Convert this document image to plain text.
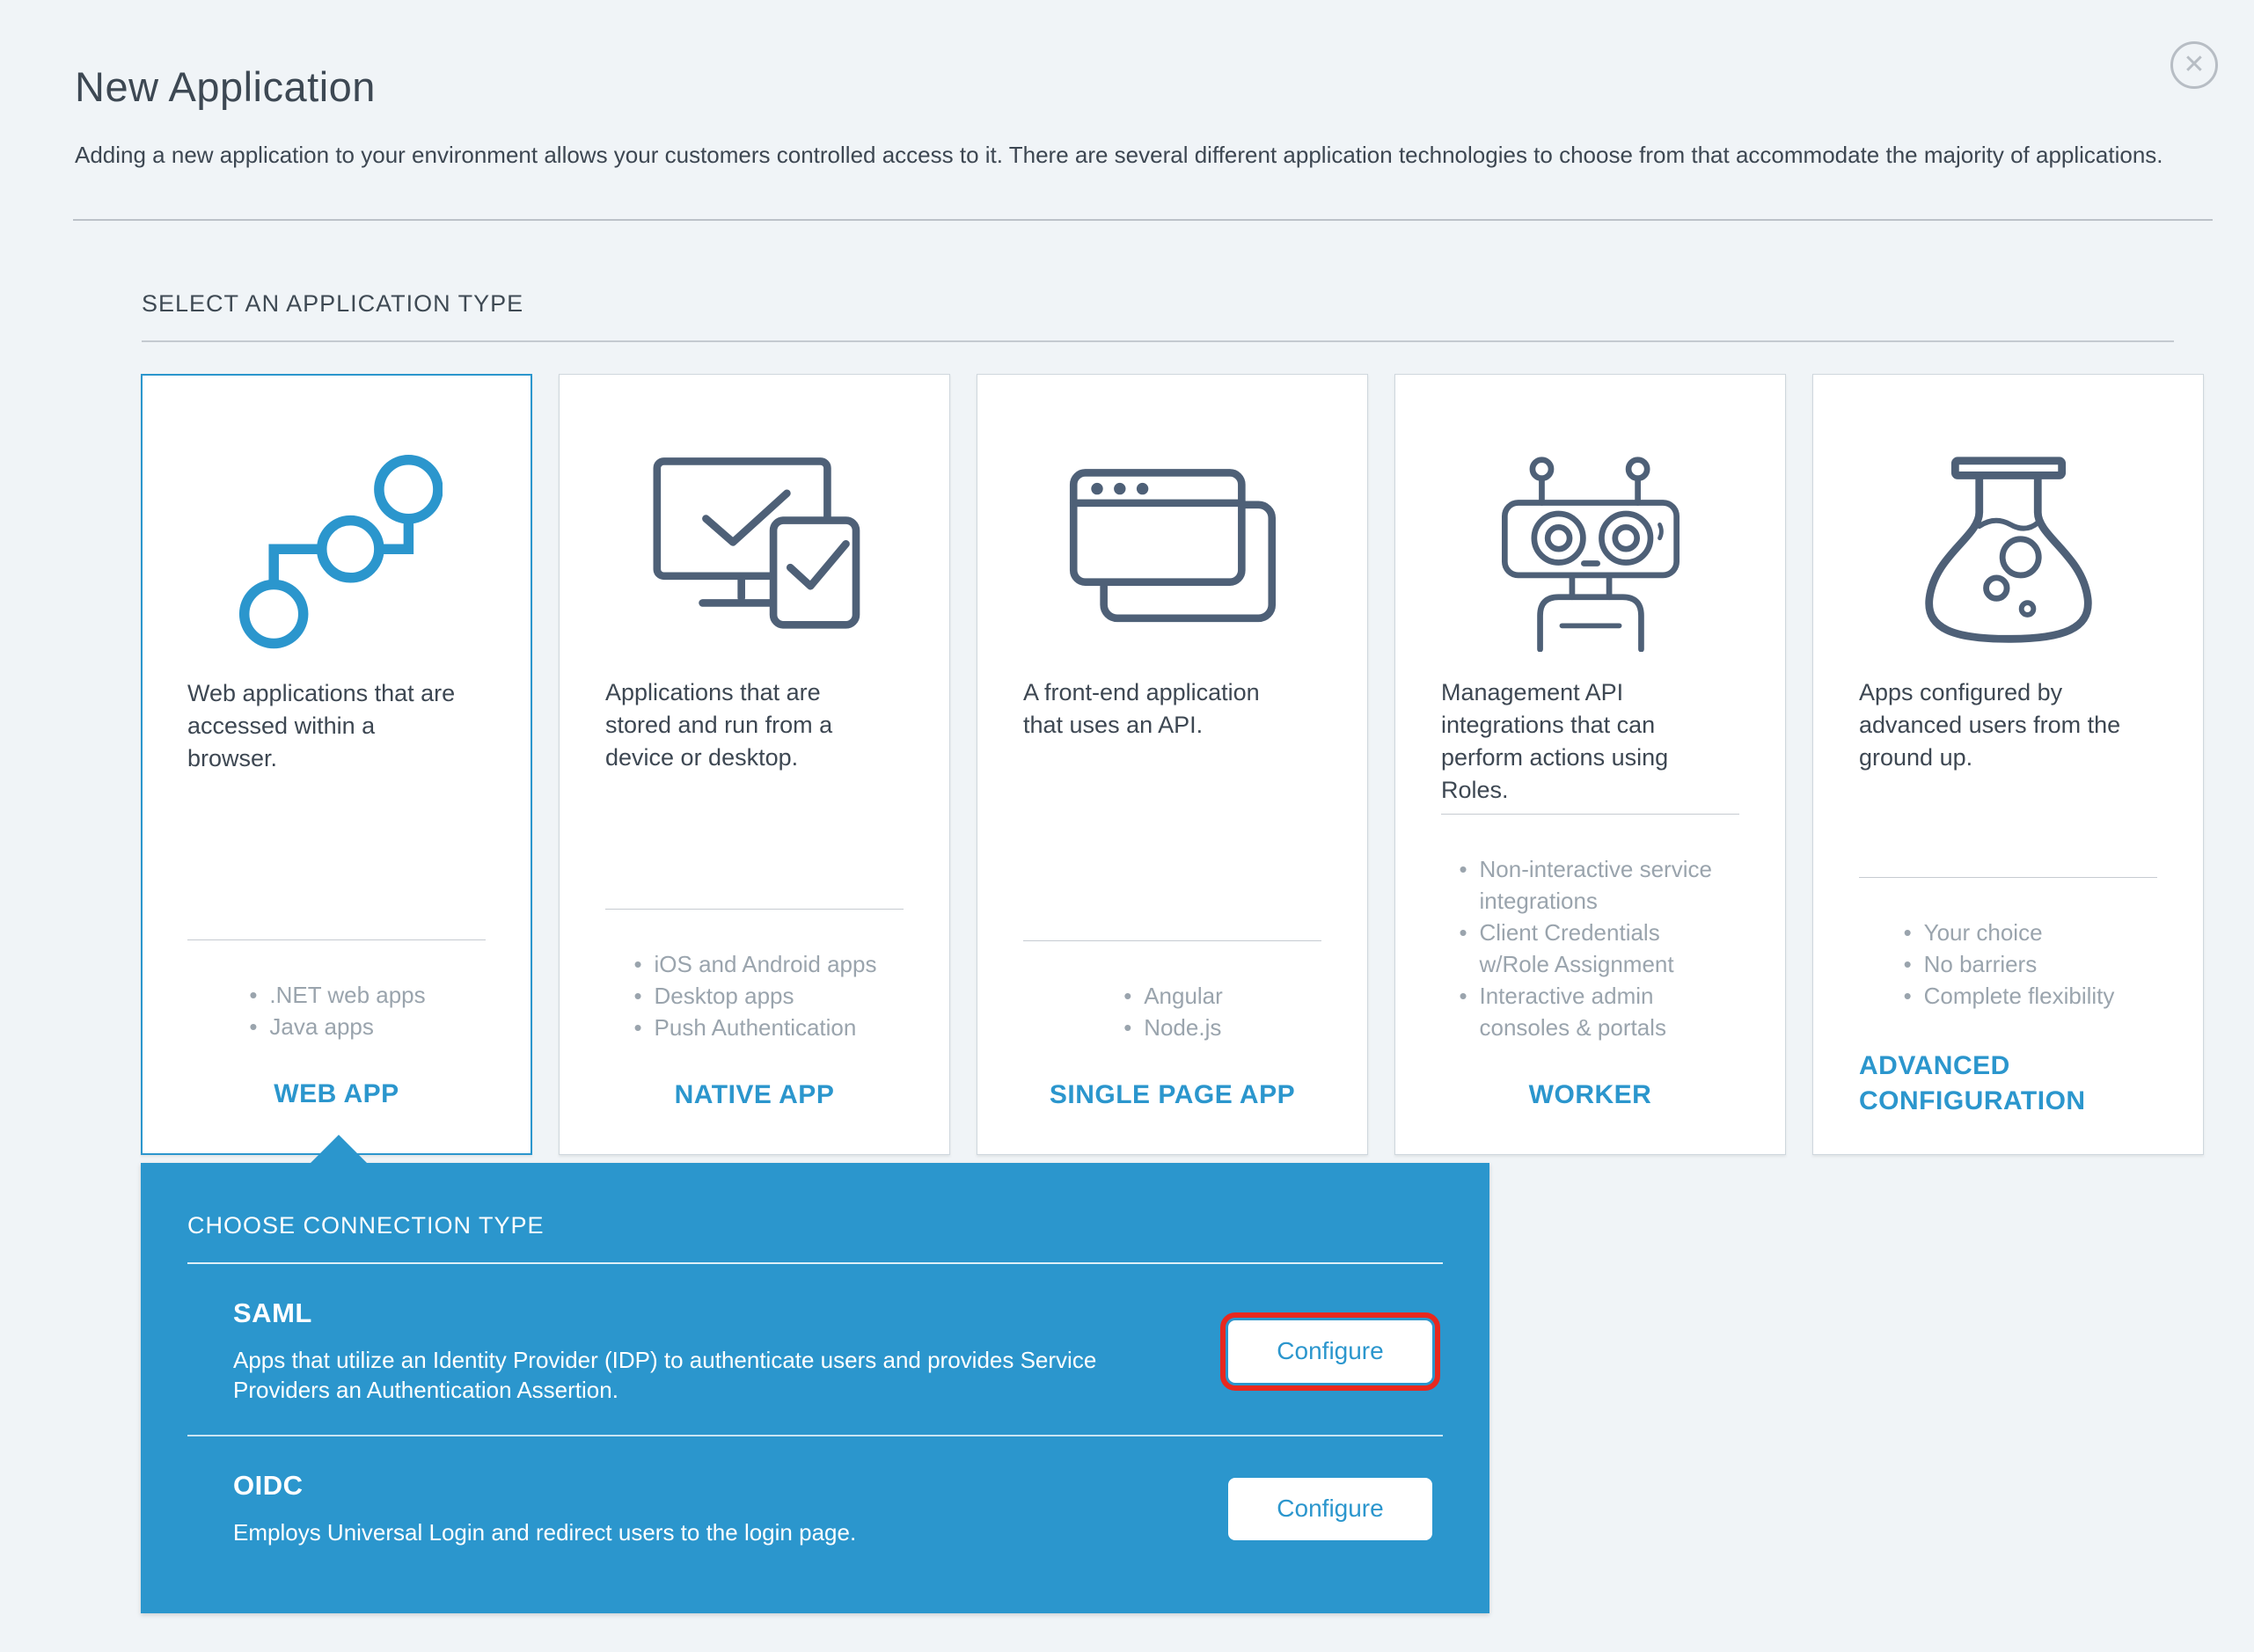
New Application	✕

Adding a new application to your environment allows your customers controlled access to it. There are several different application technologies to choose from that accommodate the majority of applications.

SELECT AN APPLICATION TYPE

Web applications that are accessed within a browser.

• .NET web apps
• Java apps
WEB APP

Applications that are stored and run from a device or desktop.

• iOS and Android apps
• Desktop apps
• Push Authentication
NATIVE APP

A front-end application that uses an API.

• Angular
• Node.js
SINGLE PAGE APP

Management API integrations that can perform actions using Roles.

• Non-interactive service integrations
• Client Credentials w/Role Assignment
• Interactive admin consoles & portals
WORKER

Apps configured by advanced users from the ground up.

• Your choice
• No barriers
• Complete flexibility
ADVANCED CONFIGURATION
CHOOSE CONNECTION TYPE
SAML

Apps that utilize an Identity Provider (IDP) to authenticate users and provides Service Providers an Authentication Assertion.

Configure
OIDC

Employs Universal Login and redirect users to the login page.

Configure
